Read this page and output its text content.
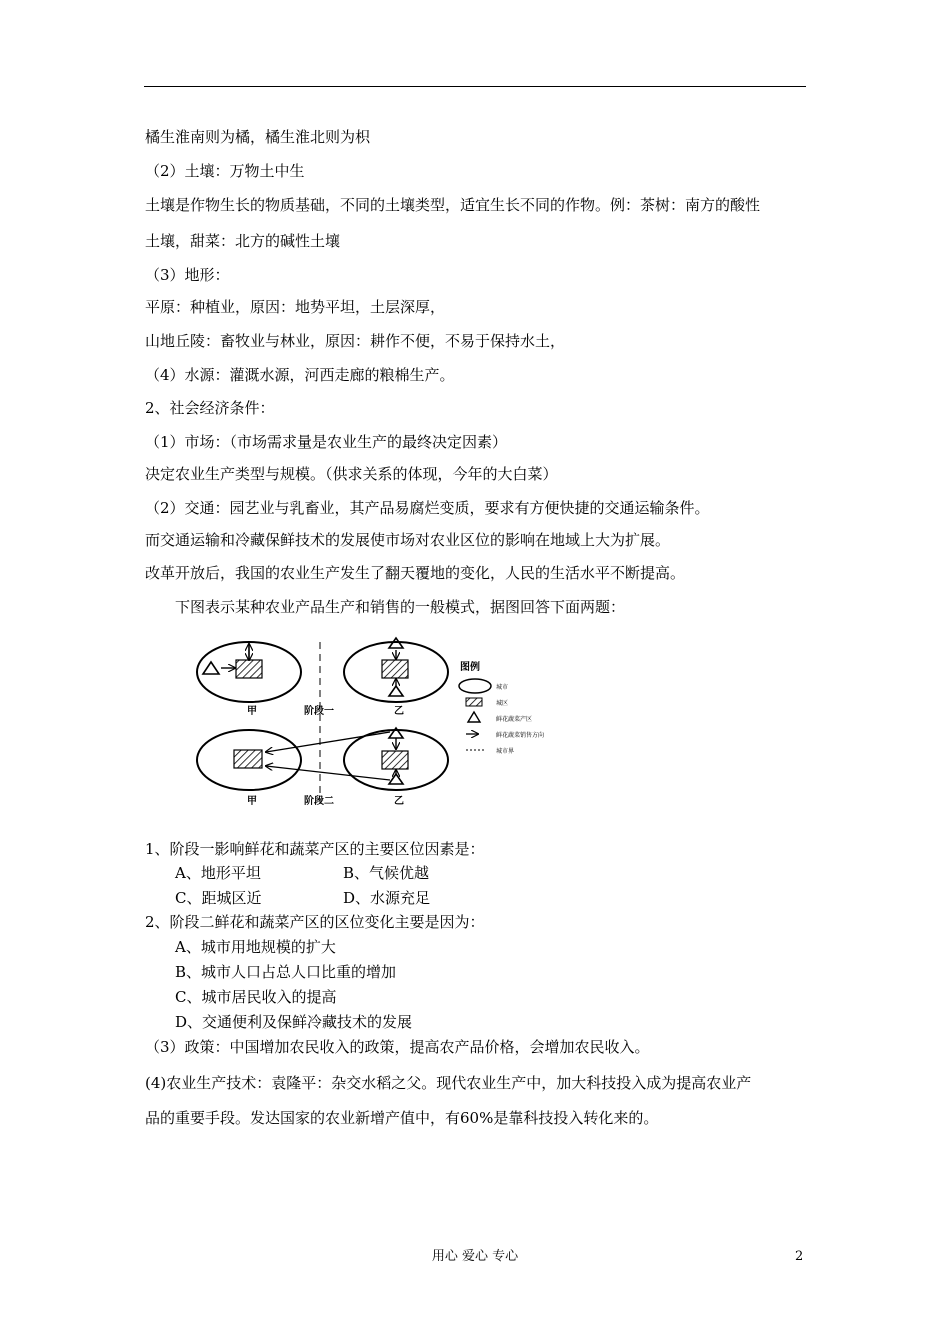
橘生淮南则为橘，橘生淮北则为枳
（2）土壤：万物土中生
土壤是作物生长的物质基础，不同的土壤类型，适宜生长不同的作物。例：茶树：南方的酸性
土壤，甜菜：北方的碱性土壤
（3）地形：
平原：种植业，原因：地势平坦，土层深厚，
山地丘陵：畜牧业与林业，原因：耕作不便，不易于保持水土，
（4）水源：灌溉水源，河西走廊的粮棉生产。
2、社会经济条件：
（1）市场：（市场需求量是农业生产的最终决定因素）
决定农业生产类型与规模。（供求关系的体现，今年的大白菜）
（2）交通：园艺业与乳畜业，其产品易腐烂变质，要求有方便快捷的交通运输条件。
而交通运输和冷藏保鲜技术的发展使市场对农业区位的影响在地域上大为扩展。
改革开放后，我国的农业生产发生了翻天覆地的变化，人民的生活水平不断提高。
下图表示某种农业产品生产和销售的一般模式，据图回答下面两题：
甲	阶段一	乙
甲	阶段二	乙
图例
城市
城区
鲜花蔬菜产区
鲜花蔬菜销售方向
城市界
1、阶段一影响鲜花和蔬菜产区的主要区位因素是：
A、地形平坦	B、气候优越
C、距城区近	D、水源充足
2、阶段二鲜花和蔬菜产区的区位变化主要是因为：
A、城市用地规模的扩大
B、城市人口占总人口比重的增加
C、城市居民收入的提高
D、交通便利及保鲜冷藏技术的发展
（3）政策：中国增加农民收入的政策，提高农产品价格，会增加农民收入。
(4)农业生产技术：袁隆平：杂交水稻之父。现代农业生产中，加大科技投入成为提高农业产
品的重要手段。发达国家的农业新增产值中，有60%是靠科技投入转化来的。
用心 爱心 专心	2
